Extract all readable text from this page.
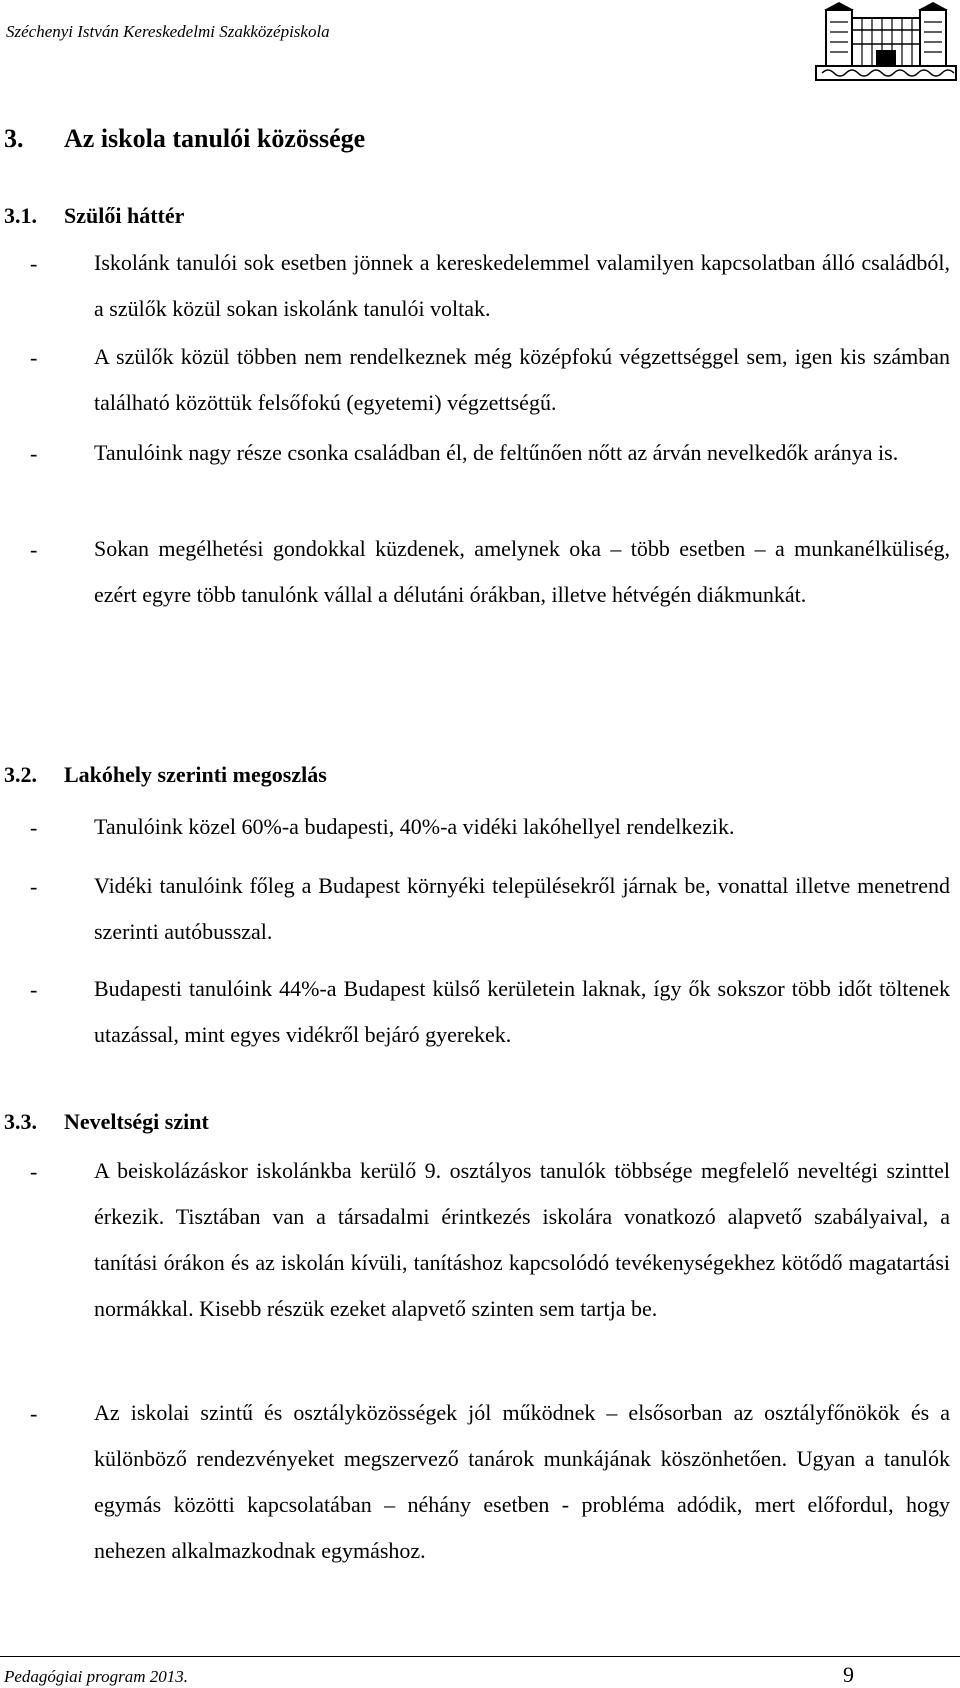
Széchenyi István Kereskedelmi Szakközépiskola
3. Az iskola tanulói közössége
3.1. Szülői háttér
-	Iskolánk tanulói sok esetben jönnek a kereskedelemmel valamilyen kapcsolatban álló családból, a szülők közül sokan iskolánk tanulói voltak.
-	A szülők közül többen nem rendelkeznek még középfokú végzettséggel sem, igen kis számban található közöttük felsőfokú (egyetemi) végzettségű.
-	Tanulóink nagy része csonka családban él, de feltűnően nőtt az árván nevelkedők aránya is.
-	Sokan megélhetési gondokkal küzdenek, amelynek oka – több esetben – a munkanélküliség, ezért egyre több tanulónk vállal a délutáni órákban, illetve hétvégén diákmunkát.
3.2. Lakóhely szerinti megoszlás
-	Tanulóink közel 60%-a budapesti, 40%-a vidéki lakóhellyel rendelkezik.
-	Vidéki tanulóink főleg a Budapest környéki településekről járnak be, vonattal illetve menetrend szerinti autóbusszal.
-	Budapesti tanulóink 44%-a Budapest külső kerületein laknak, így ők sokszor több időt töltenek utazással, mint egyes vidékről bejáró gyerekek.
3.3. Neveltségi szint
-	A beiskolázáskor iskolánkba kerülő 9. osztályos tanulók többsége megfelelő neveltégi szinttel érkezik. Tisztában van a társadalmi érintkezés iskolára vonatkozó alapvető szabályaival, a tanítási órákon és az iskolán kívüli, tanításhoz kapcsolódó tevékenységekhez kötődő magatartási normákkal. Kisebb részük ezeket alapvető szinten sem tartja be.
-	Az iskolai szintű és osztályközösségek jól működnek – elsősorban az osztályfőnökök és a különböző rendezvényeket megszervező tanárok munkájának köszönhetően. Ugyan a tanulók egymás közötti kapcsolatában – néhány esetben - probléma adódik, mert előfordul, hogy nehezen alkalmazkodnak egymáshoz.
Pedagógiai program 2013.	9
